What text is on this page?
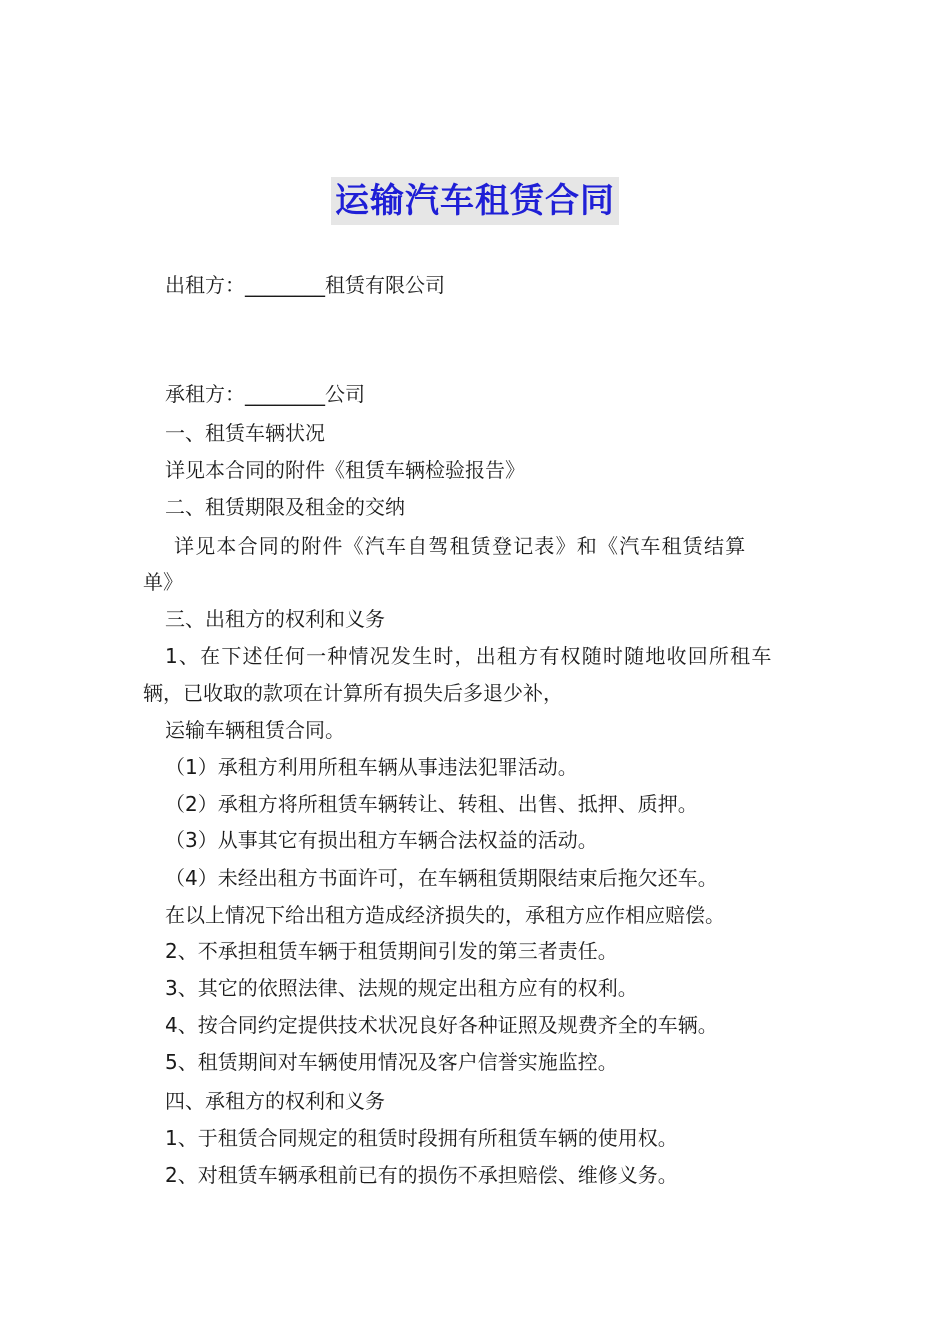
运输汽车租赁合同
出租方：________租赁有限公司
承租方：________公司
一、租赁车辆状况
详见本合同的附件《租赁车辆检验报告》
二、租赁期限及租金的交纳
详见本合同的附件《汽车自驾租赁登记表》和《汽车租赁结算
单》
三、出租方的权利和义务
1、在下述任何一种情况发生时，出租方有权随时随地收回所租车
辆，已收取的款项在计算所有损失后多退少补，
运输车辆租赁合同。
（1）承租方利用所租车辆从事违法犯罪活动。
（2）承租方将所租赁车辆转让、转租、出售、抵押、质押。
（3）从事其它有损出租方车辆合法权益的活动。
（4）未经出租方书面许可，在车辆租赁期限结束后拖欠还车。
在以上情况下给出租方造成经济损失的，承租方应作相应赔偿。
2、不承担租赁车辆于租赁期间引发的第三者责任。
3、其它的依照法律、法规的规定出租方应有的权利。
4、按合同约定提供技术状况良好各种证照及规费齐全的车辆。
5、租赁期间对车辆使用情况及客户信誉实施监控。
四、承租方的权利和义务
1、于租赁合同规定的租赁时段拥有所租赁车辆的使用权。
2、对租赁车辆承租前已有的损伤不承担赔偿、维修义务。
